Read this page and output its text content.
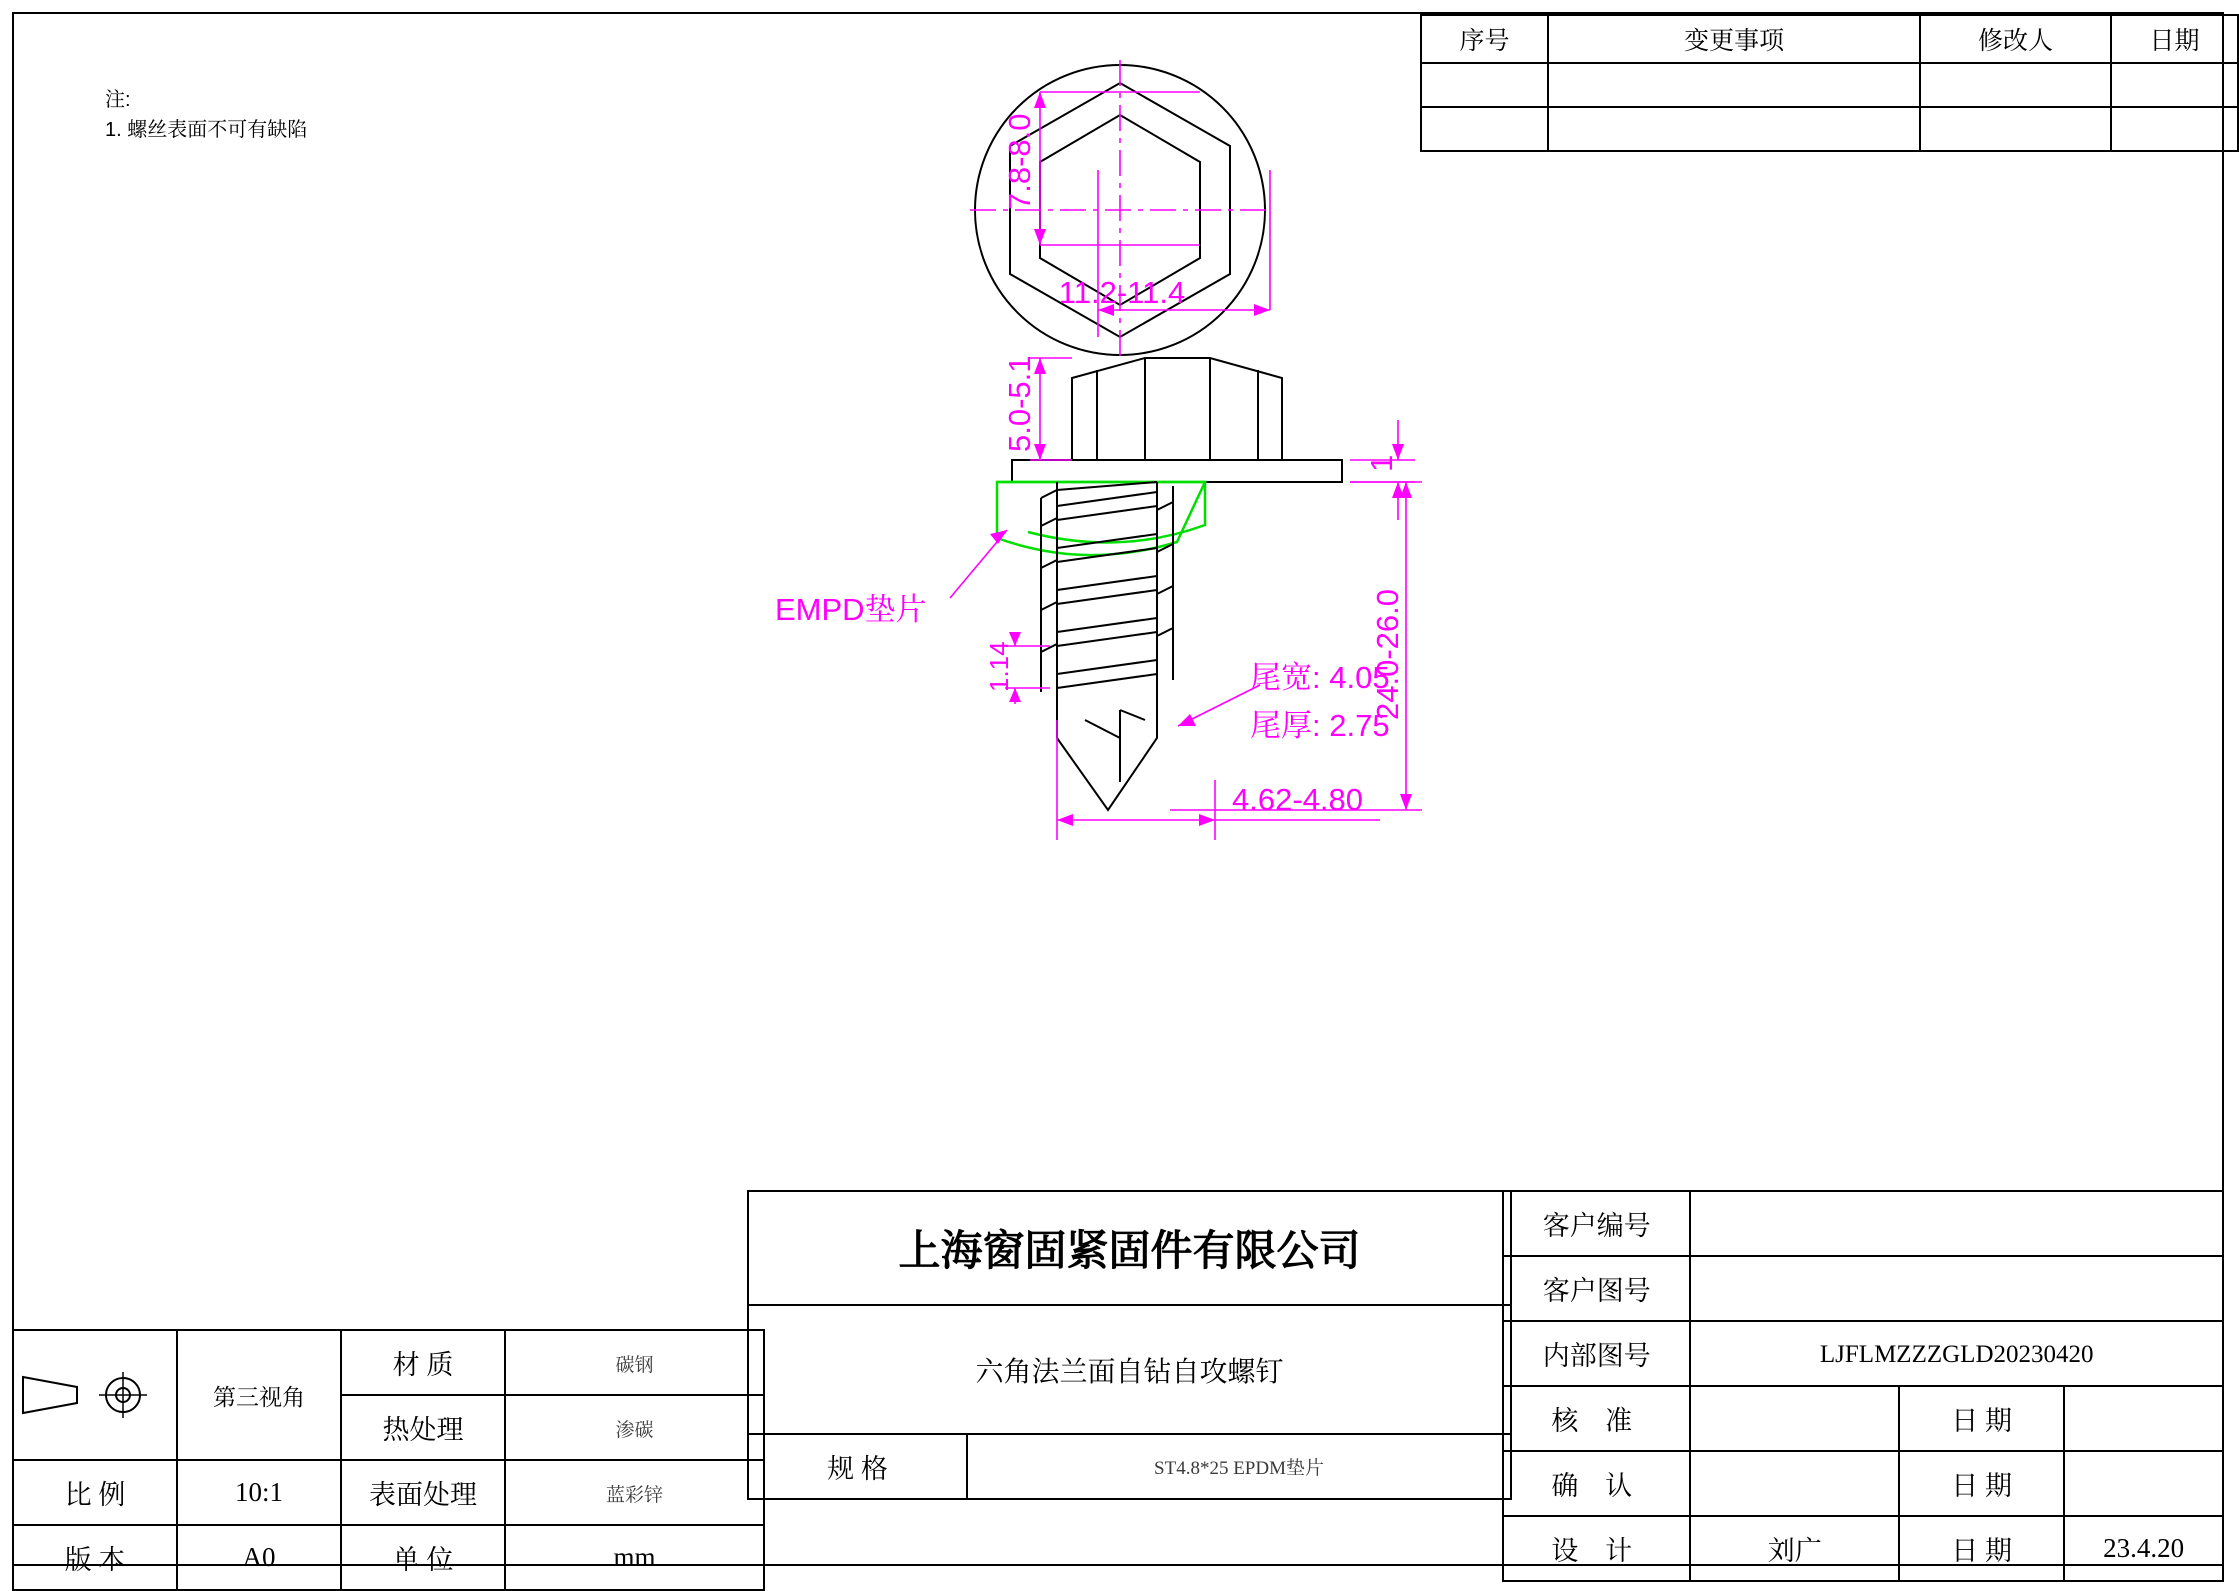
注:
1. 螺丝表面不可有缺陷
序号	变更事项	修改人	日期

7.8-8.0
11.2-11.4
EMPD垫片
5.0-5.1
1
24.0-26.0
1.14	尾宽: 4.05
尾厚: 2.75
4.62-4.80
	第三视角	材 质	碳钢
		热处理	渗碳
比 例	10:1	表面处理	蓝彩锌
版 本	A0	单 位	mm
上海窗固紧固件有限公司
六角法兰面自钻自攻螺钉
规 格	ST4.8*25 EPDM垫片
客户编号			
客户图号			
内部图号	LJFLMZZZGLD20230420		
核 准		日 期	
确 认		日 期	
设 计	刘广	日 期	23.4.20
